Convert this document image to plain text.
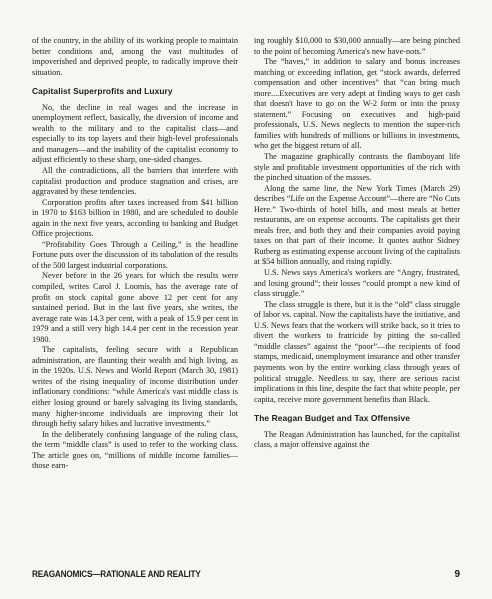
of the country, in the ability of its working people to maintain better conditions and, among the vast multitudes of impoverished and deprived people, to radically improve their situation.

Capitalist Superprofits and Luxury

No, the decline in real wages and the increase in unemployment reflect, basically, the diversion of income and wealth to the military and to the capitalist class—and especially to its top layers and their high-level professionals and managers—and the inability of the capitalist economy to adjust efficiently to these sharp, one-sided changes.

All the contradictions, all the barriers that interfere with capitalist production and produce stagnation and crises, are aggravated by these tendencies.

Corporation profits after taxes increased from $41 billion in 1970 to $163 billion in 1980, and are scheduled to double again in the next five years, according to banking and Budget Office projections.

“Profitability Goes Through a Ceiling,” is the headline Fortune puts over the discussion of its tabulation of the results of the 500 largest industrial corporations.

Never before in the 26 years for which the results were compiled, writes Carol J. Loomis, has the average rate of profit on stock capital gone above 12 per cent for any sustained period. But in the last five years, she writes, the average rate was 14.3 per cent, with a peak of 15.9 per cent in 1979 and a still very high 14.4 per cent in the recession year 1980.

The capitalists, feeling secure with a Republican administration, are flaunting their wealth and high living, as in the 1920s. U.S. News and World Report (March 30, 1981) writes of the rising inequality of income distribution under inflationary conditions: “while America's vast middle class is either losing ground or barely salvaging its living standards, many higher-income individuals are improving their lot through hefty salary hikes and lucrative investments.”

In the deliberately confusing language of the ruling class, the term “middle class” is used to refer to the working class. The article goes on, “millions of middle income families—those earn-

ing roughly $10,000 to $30,000 annually—are being pinched to the point of becoming America's new have-nots.”

The “haves,” in addition to salary and bonus increases matching or exceeding inflation, get “stock awards, deferred compensation and other incentives” that “can bring much more....Executives are very adept at finding ways to get cash that doesn't have to go on the W-2 form or into the proxy statement.” Focusing on executives and high-paid professionals, U.S. News neglects to mention the super-rich families with hundreds of millions or billions in investments, who get the biggest return of all.

The magazine graphically contrasts the flamboyant life style and profitable investment opportunities of the rich with the pinched situation of the masses.

Along the same line, the New York Times (March 29) describes “Life on the Expense Account”—there are “No Cuts Here.” Two-thirds of hotel bills, and most meals at better restaurants, are on expense accounts. The capitalists get their meals free, and both they and their companies avoid paying taxes on that part of their income. It quotes author Sidney Rutberg as estimating expense account living of the capitalists at $54 billion annually, and rising rapidly.

U.S. News says America's workers are “Angry, frustrated, and losing ground”; their losses “could prompt a new kind of class struggle.”

The class struggle is there, but it is the “old” class struggle of labor vs. capital. Now the capitalists have the initiative, and U.S. News fears that the workers will strike back, so it tries to divert the workers to fratricide by pitting the so-called “middle classes” against the “poor”—the recipients of food stamps, medicaid, unemployment insurance and other transfer payments won by the entire working class through years of political struggle. Needless to say, there are serious racist implications in this line, despite the fact that white people, per capita, receive more government benefits than Black.

The Reagan Budget and Tax Offensive

The Reagan Administration has launched, for the capitalist class, a major offensive against the

REAGANOMICS—RATIONALE AND REALITY	9
